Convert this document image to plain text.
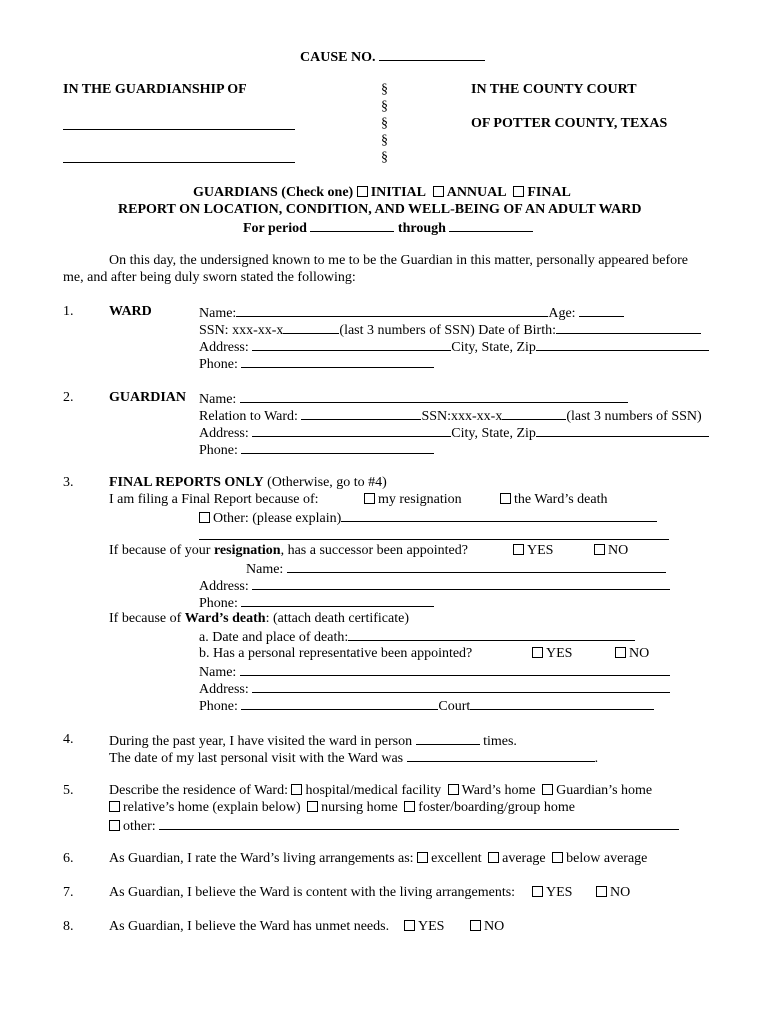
CAUSE NO.
IN THE GUARDIANSHIP OF	§
§
§
§
§
IN THE COUNTY COURT
OF POTTER COUNTY, TEXAS
GUARDIANS (Check one) INITIAL ANNUAL FINAL
REPORT ON LOCATION, CONDITION, AND WELL-BEING OF AN ADULT WARD
For period	through
On this day, the undersigned known to me to be the Guardian in this matter, personally appeared before
me, and after being duly sworn stated the following:
1.	WARD	Name:	Age:
SSN: xxx-xx-x	(last 3 numbers of SSN) Date of Birth:
Address:	City, State, Zip
Phone:
2.	GUARDIAN Name:
Relation to Ward:	SSN:xxx-xx-x	(last 3 numbers of SSN)
Address:	City, State, Zip
Phone:
3.	FINAL REPORTS ONLY (Otherwise, go to #4)
I am filing a Final Report because of:	my resignation	the Ward’s death
Other: (please explain)
If because of your resignation, has a successor been appointed?	YES	NO
Name:
Address:
Phone:
If because of Ward’s death: (attach death certificate)
a. Date and place of death:
b. Has a personal representative been appointed?	YES	NO
Name:
Address:
Phone:	Court
4.	During the past year, I have visited the ward in person	times.
The date of my last personal visit with the Ward was	.
5.	Describe the residence of Ward: hospital/medical facility Ward’s home Guardian’s home
relative’s home (explain below) nursing home foster/boarding/group home
other:
6.	As Guardian, I rate the Ward’s living arrangements as: excellent average below average
7.	As Guardian, I believe the Ward is content with the living arrangements:	YES	NO
8.	As Guardian, I believe the Ward has unmet needs.	YES	NO
